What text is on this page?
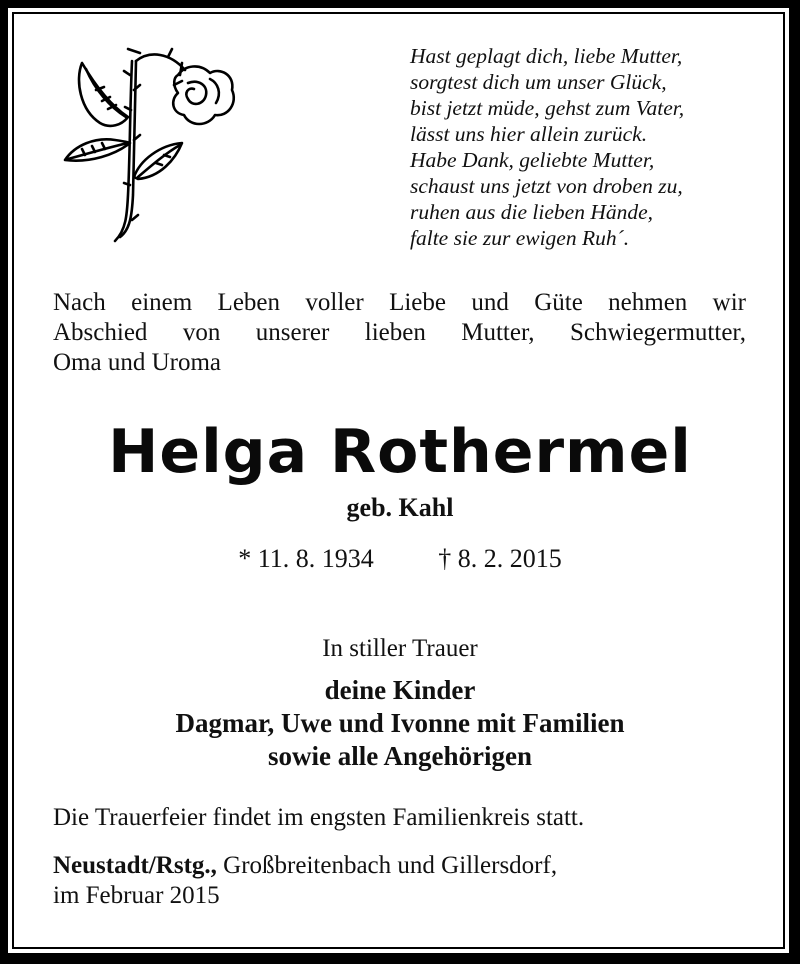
Hast geplagt dich, liebe Mutter,
sorgtest dich um unser Glück,
bist jetzt müde, gehst zum Vater,
lässt uns hier allein zurück.
Habe Dank, geliebte Mutter,
schaust uns jetzt von droben zu,
ruhen aus die lieben Hände,
falte sie zur ewigen Ruh´.
Nach einem Leben voller Liebe und Güte nehmen wir
Abschied von unserer lieben Mutter, Schwiegermutter,
Oma und Uroma
Helga Rothermel
geb. Kahl
* 11. 8. 1934 † 8. 2. 2015
In stiller Trauer
deine Kinder
Dagmar, Uwe und Ivonne mit Familien
sowie alle Angehörigen
Die Trauerfeier findet im engsten Familienkreis statt.
Neustadt/Rstg., Großbreitenbach und Gillersdorf,
im Februar 2015
